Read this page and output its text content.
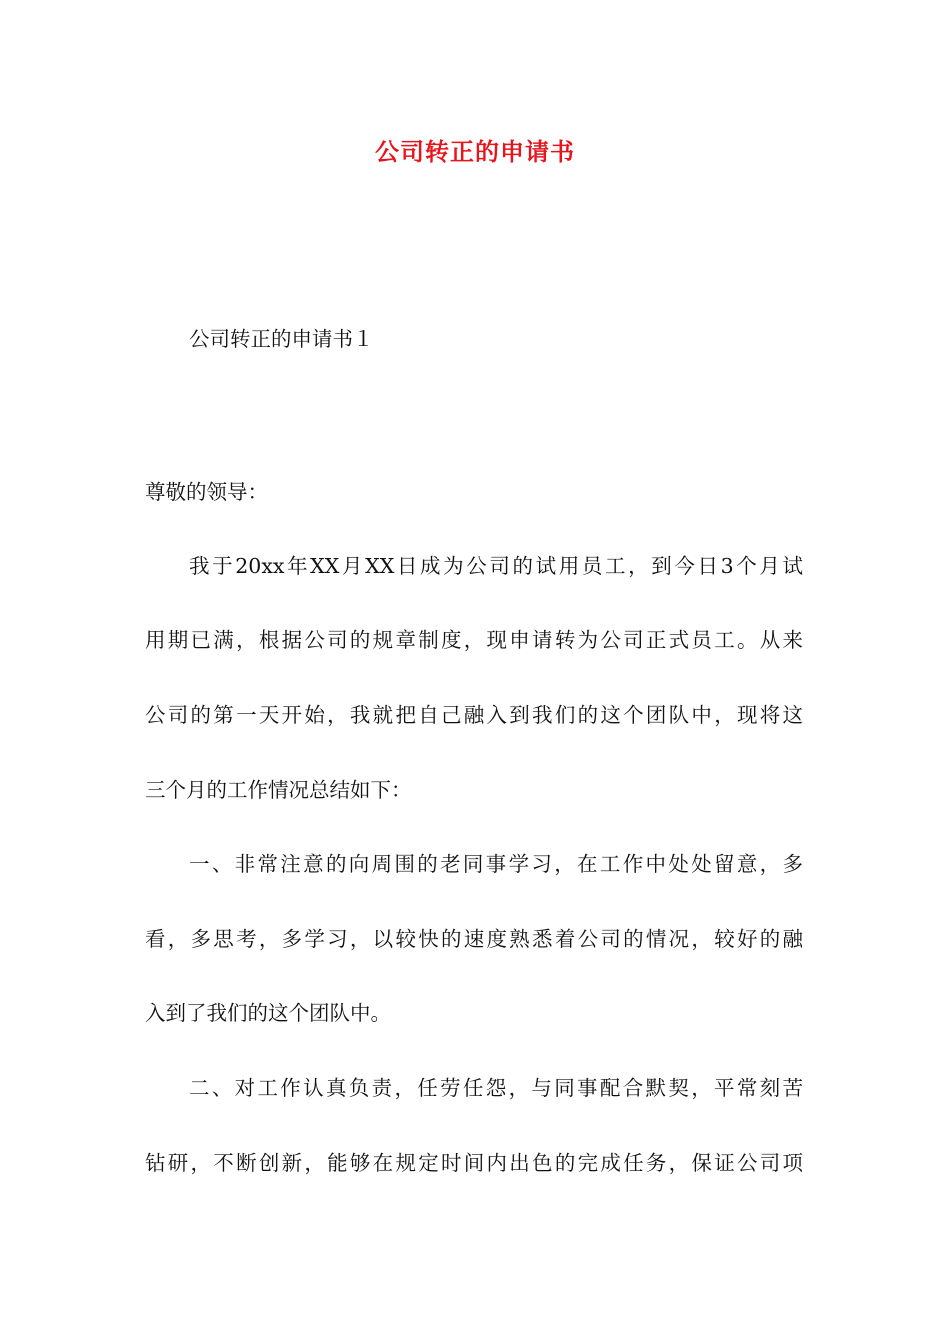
公司转正的申请书
公司转正的申请书１
尊敬的领导：
我于20xx年XX月XX日成为公司的试用员工，到今日3个月试
用期已满，根据公司的规章制度，现申请转为公司正式员工。从来
公司的第一天开始，我就把自己融入到我们的这个团队中，现将这
三个月的工作情况总结如下：
一、非常注意的向周围的老同事学习，在工作中处处留意，多
看，多思考，多学习，以较快的速度熟悉着公司的情况，较好的融
入到了我们的这个团队中。
二、对工作认真负责，任劳任怨，与同事配合默契，平常刻苦
钻研，不断创新，能够在规定时间内出色的完成任务，保证公司项
